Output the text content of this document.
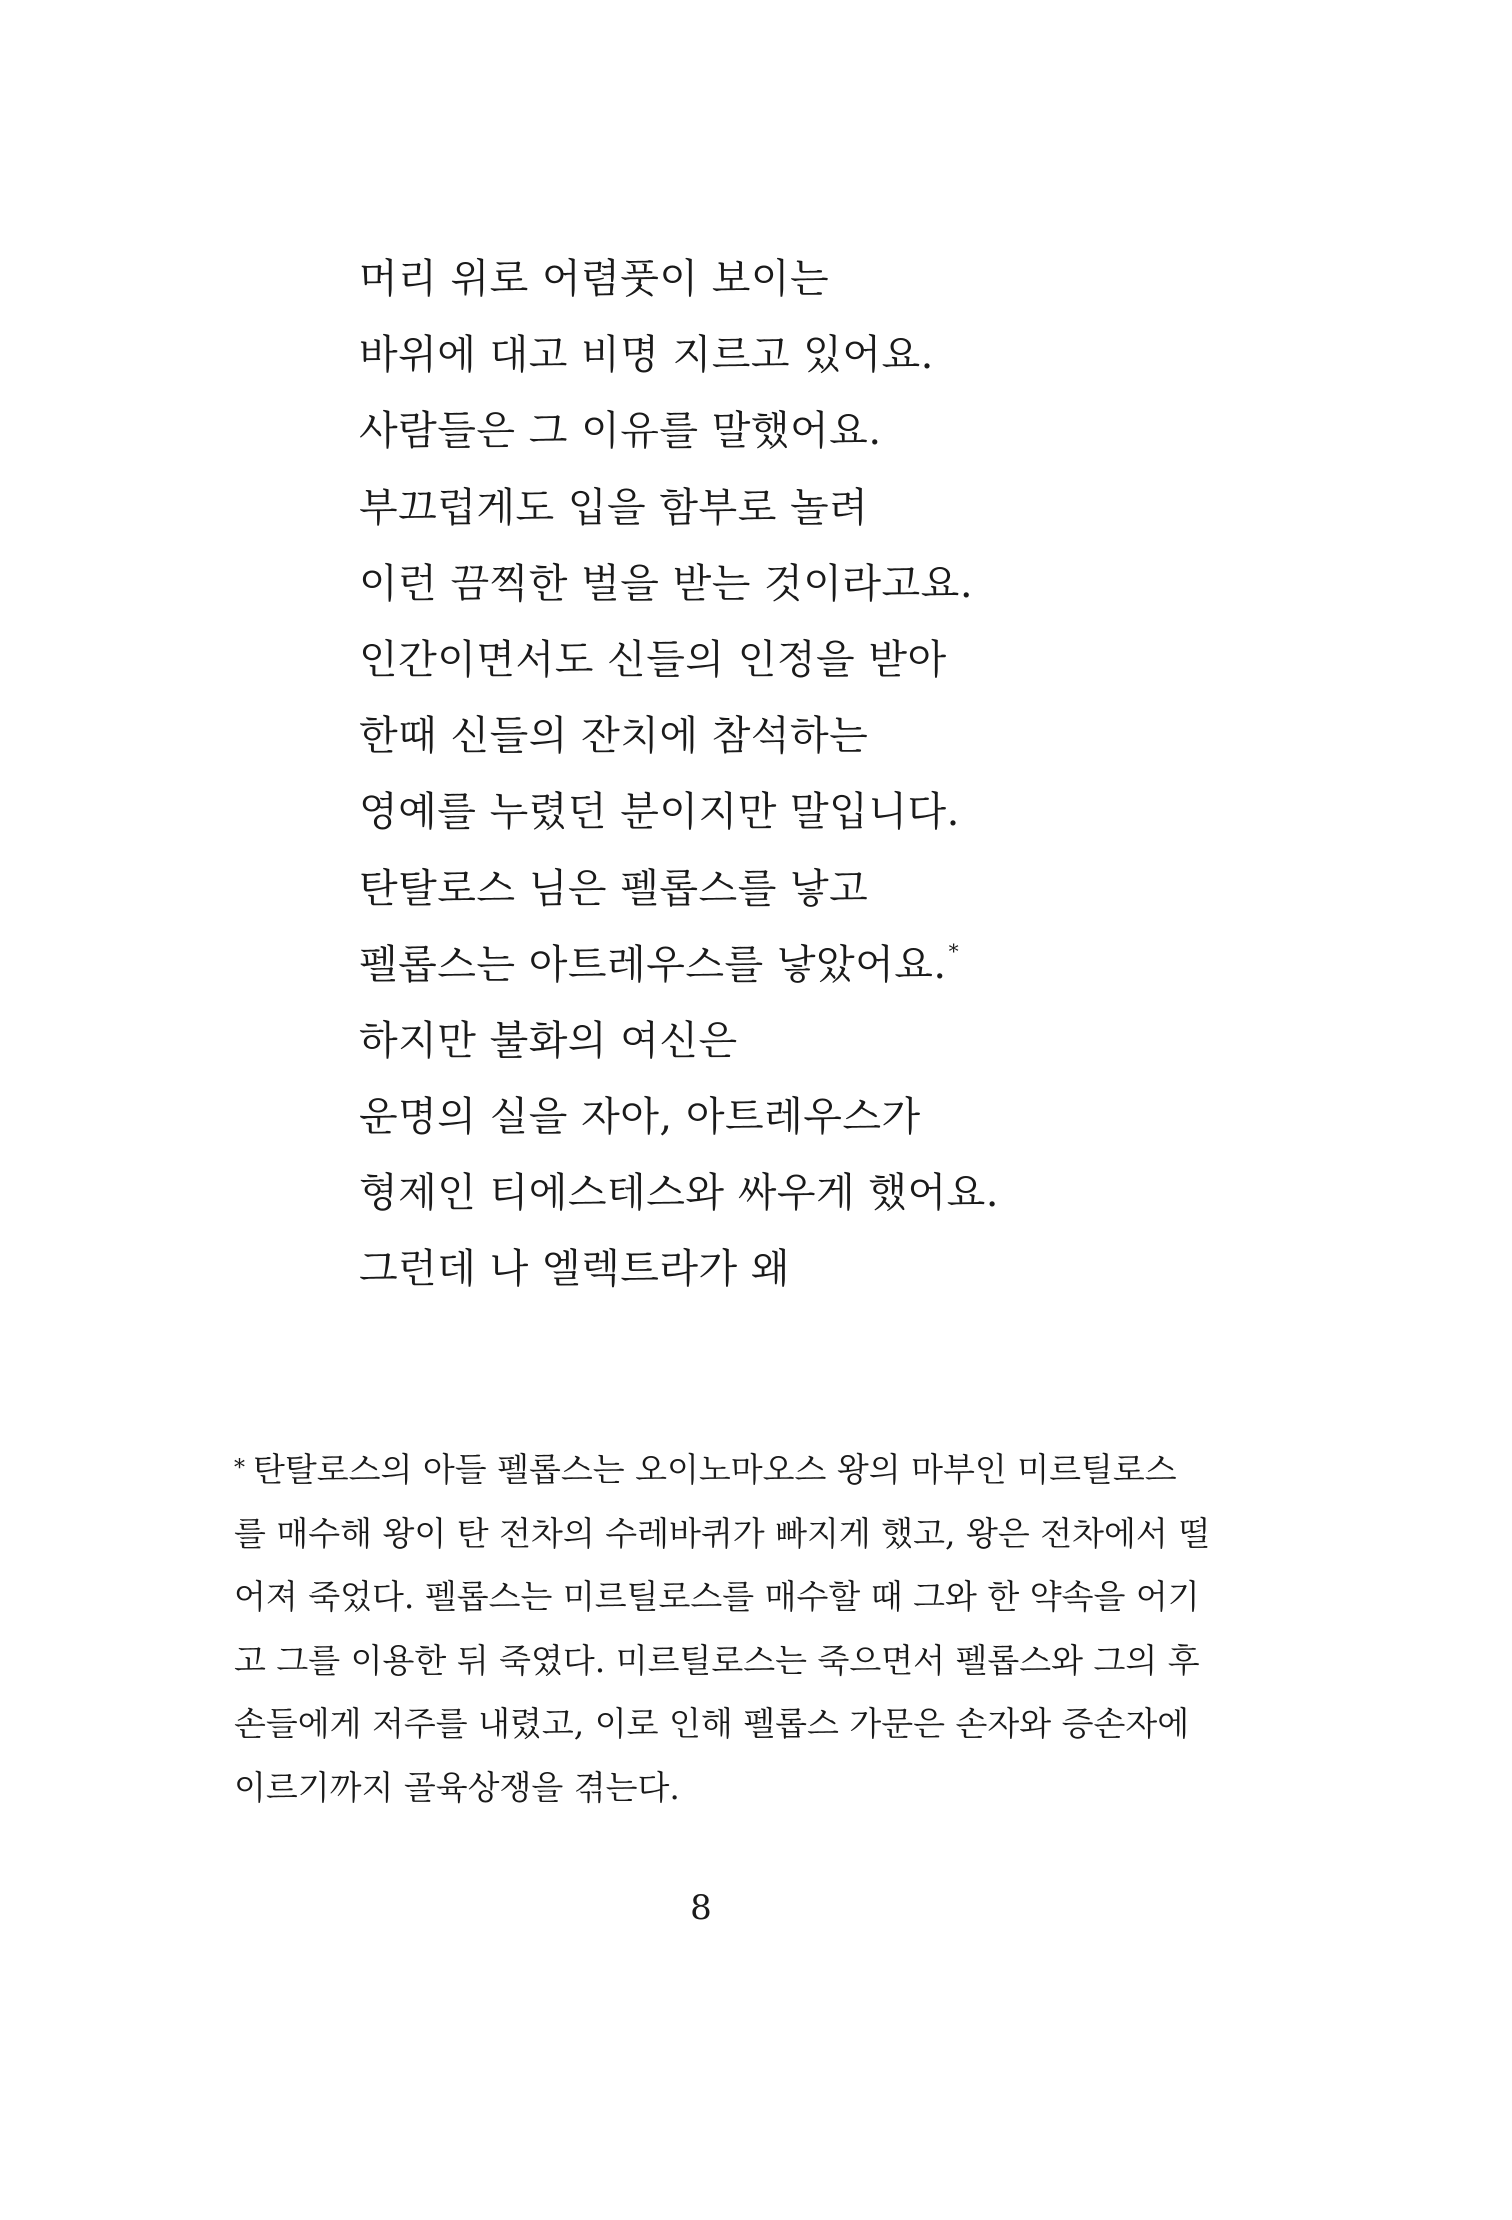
머리 위로 어렴풋이 보이는
바위에 대고 비명 지르고 있어요.
사람들은 그 이유를 말했어요.
부끄럽게도 입을 함부로 놀려
이런 끔찍한 벌을 받는 것이라고요.
인간이면서도 신들의 인정을 받아
한때 신들의 잔치에 참석하는
영예를 누렸던 분이지만 말입니다.
탄탈로스 님은 펠롭스를 낳고
펠롭스는 아트레우스를 낳았어요. *
하지만 불화의 여신은
운명의 실을 자아, 아트레우스가
형제인 티에스테스와 싸우게 했어요.
그런데 나 엘렉트라가 왜
* 탄탈로스의 아들 펠롭스는 오이노마오스 왕의 마부인 미르틸로스
를 매수해 왕이 탄 전차의 수레바퀴가 빠지게 했고, 왕은 전차에서 떨
어져 죽었다. 펠롭스는 미르틸로스를 매수할 때 그와 한 약속을 어기
고 그를 이용한 뒤 죽였다. 미르틸로스는 죽으면서 펠롭스와 그의 후
손들에게 저주를 내렸고, 이로 인해 펠롭스 가문은 손자와 증손자에
이르기까지 골육상쟁을 겪는다.
8
